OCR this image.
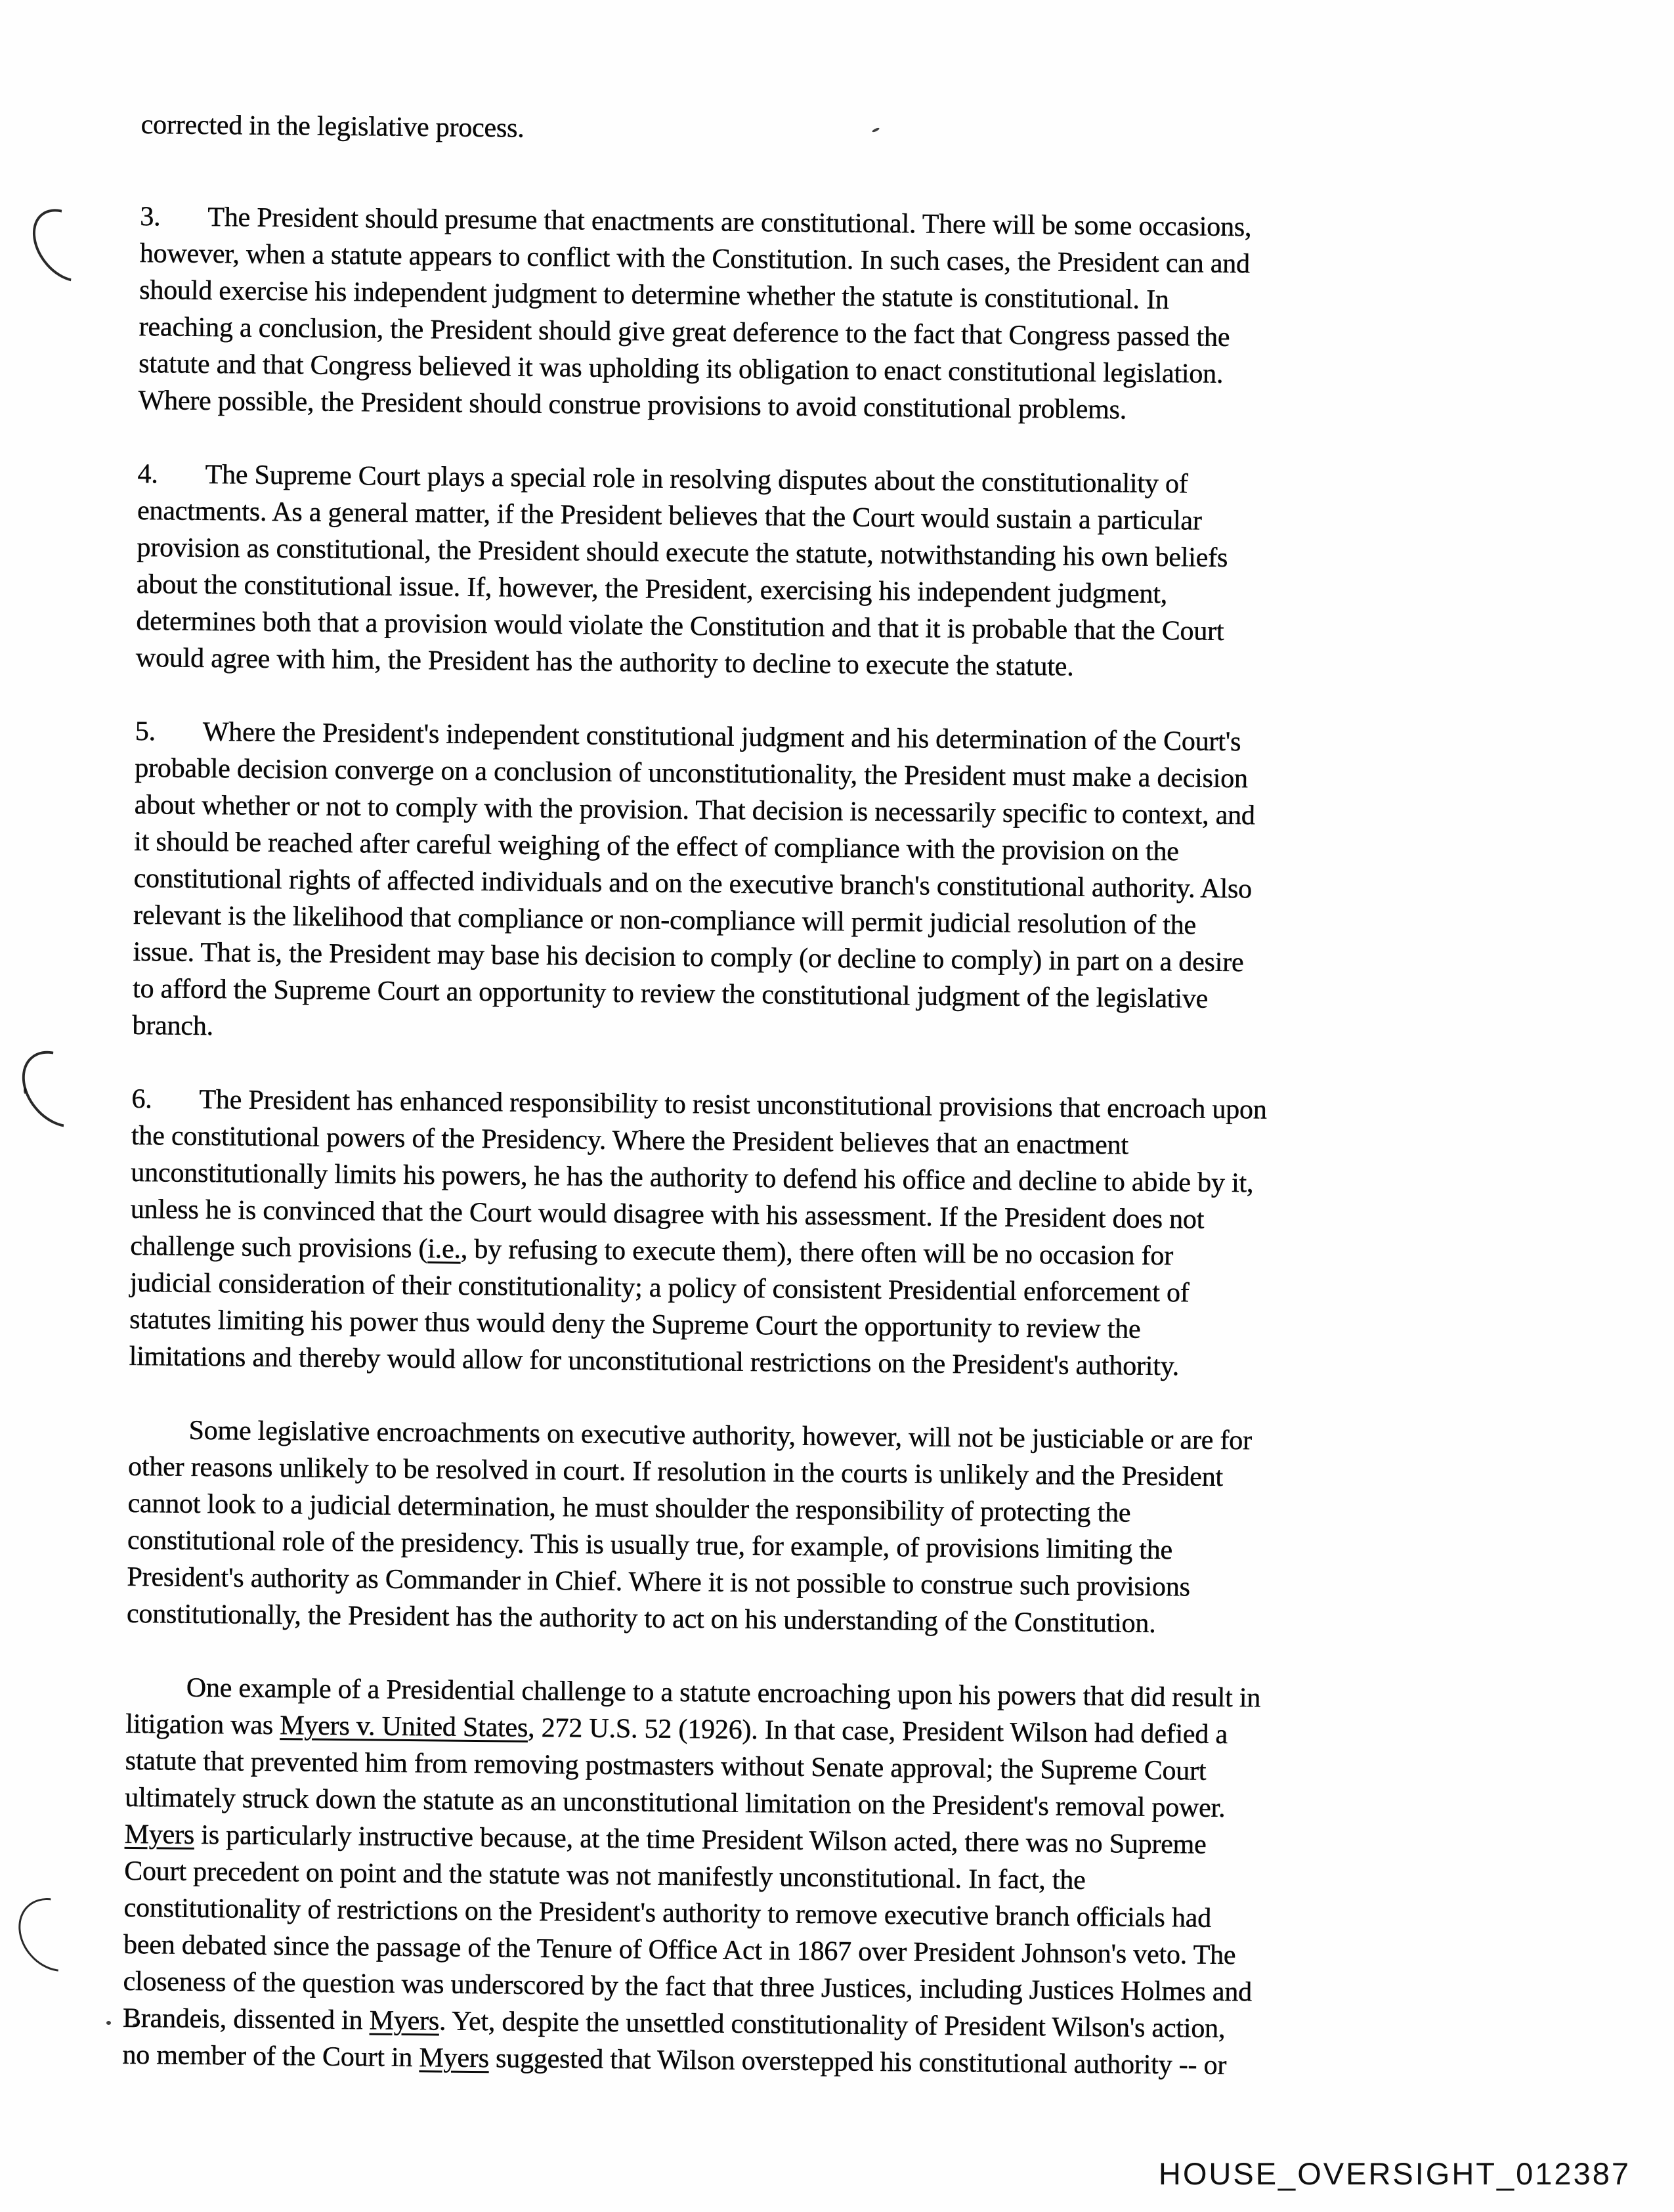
corrected in the legislative process.
3. The President should presume that enactments are constitutional. There will be some occasions,
however, when a statute appears to conflict with the Constitution. In such cases, the President can and
should exercise his independent judgment to determine whether the statute is constitutional. In
reaching a conclusion, the President should give great deference to the fact that Congress passed the
statute and that Congress believed it was upholding its obligation to enact constitutional legislation.
Where possible, the President should construe provisions to avoid constitutional problems.
4. The Supreme Court plays a special role in resolving disputes about the constitutionality of
enactments. As a general matter, if the President believes that the Court would sustain a particular
provision as constitutional, the President should execute the statute, notwithstanding his own beliefs
about the constitutional issue. If, however, the President, exercising his independent judgment,
determines both that a provision would violate the Constitution and that it is probable that the Court
would agree with him, the President has the authority to decline to execute the statute.
5. Where the President's independent constitutional judgment and his determination of the Court's
probable decision converge on a conclusion of unconstitutionality, the President must make a decision
about whether or not to comply with the provision. That decision is necessarily specific to context, and
it should be reached after careful weighing of the effect of compliance with the provision on the
constitutional rights of affected individuals and on the executive branch's constitutional authority. Also
relevant is the likelihood that compliance or non-compliance will permit judicial resolution of the
issue. That is, the President may base his decision to comply (or decline to comply) in part on a desire
to afford the Supreme Court an opportunity to review the constitutional judgment of the legislative
branch.
6. The President has enhanced responsibility to resist unconstitutional provisions that encroach upon
the constitutional powers of the Presidency. Where the President believes that an enactment
unconstitutionally limits his powers, he has the authority to defend his office and decline to abide by it,
unless he is convinced that the Court would disagree with his assessment. If the President does not
challenge such provisions (i.e., by refusing to execute them), there often will be no occasion for
judicial consideration of their constitutionality; a policy of consistent Presidential enforcement of
statutes limiting his power thus would deny the Supreme Court the opportunity to review the
limitations and thereby would allow for unconstitutional restrictions on the President's authority.
Some legislative encroachments on executive authority, however, will not be justiciable or are for
other reasons unlikely to be resolved in court. If resolution in the courts is unlikely and the President
cannot look to a judicial determination, he must shoulder the responsibility of protecting the
constitutional role of the presidency. This is usually true, for example, of provisions limiting the
President's authority as Commander in Chief. Where it is not possible to construe such provisions
constitutionally, the President has the authority to act on his understanding of the Constitution.
One example of a Presidential challenge to a statute encroaching upon his powers that did result in
litigation was Myers v. United States, 272 U.S. 52 (1926). In that case, President Wilson had defied a
statute that prevented him from removing postmasters without Senate approval; the Supreme Court
ultimately struck down the statute as an unconstitutional limitation on the President's removal power.
Myers is particularly instructive because, at the time President Wilson acted, there was no Supreme
Court precedent on point and the statute was not manifestly unconstitutional. In fact, the
constitutionality of restrictions on the President's authority to remove executive branch officials had
been debated since the passage of the Tenure of Office Act in 1867 over President Johnson's veto. The
closeness of the question was underscored by the fact that three Justices, including Justices Holmes and
Brandeis, dissented in Myers. Yet, despite the unsettled constitutionality of President Wilson's action,
no member of the Court in Myers suggested that Wilson overstepped his constitutional authority -- or
HOUSE_OVERSIGHT_012387
